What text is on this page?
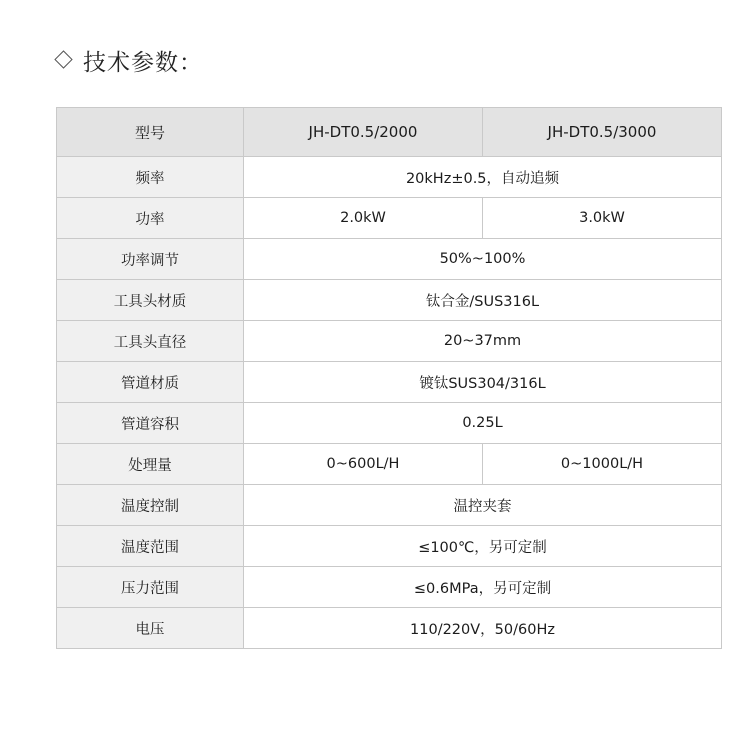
技术参数：
型号	JH-DT0.5/2000	JH-DT0.5/3000
频率	20kHz±0.5，自动追频	
功率	2.0kW	3.0kW
功率调节	50%~100%	
工具头材质	钛合金/SUS316L	
工具头直径	20~37mm	
管道材质	镀钛SUS304/316L	
管道容积	0.25L	
处理量	0~600L/H	0~1000L/H
温度控制	温控夹套	
温度范围	≤100℃，另可定制	
压力范围	≤0.6MPa，另可定制	
电压	110/220V，50/60Hz	
